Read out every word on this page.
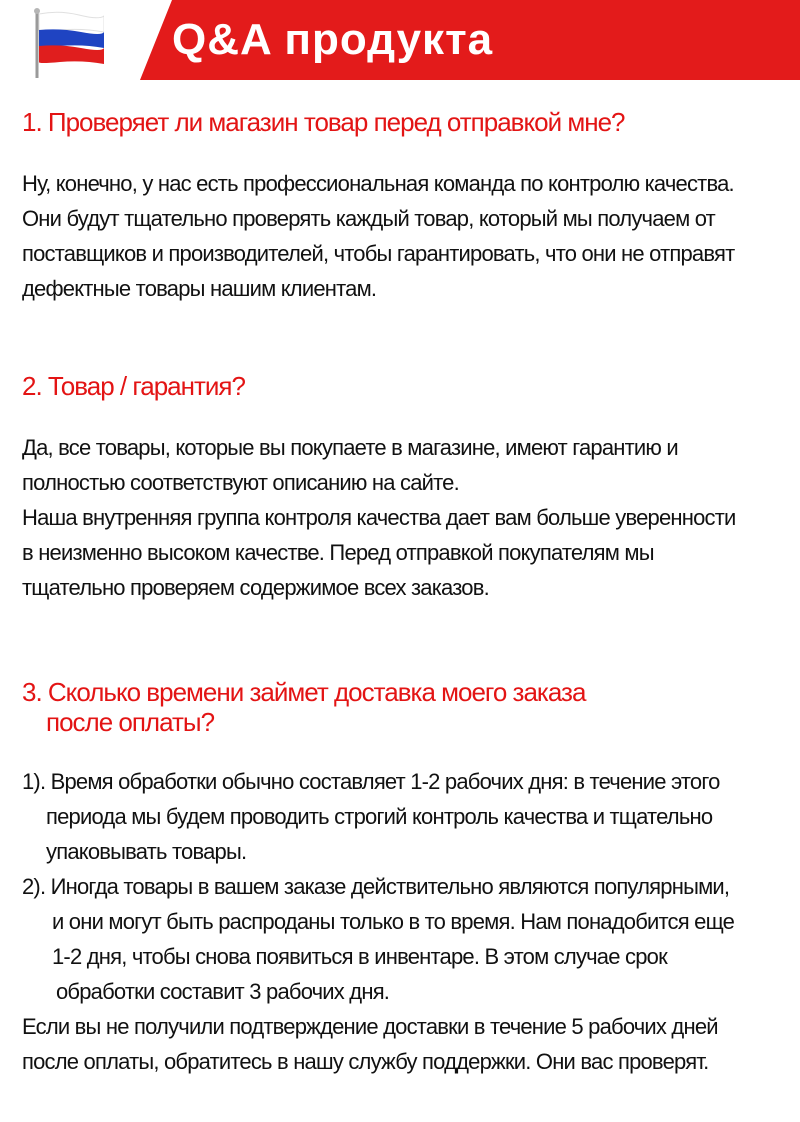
Q&A продукта
1. Проверяет ли магазин товар перед отправкой мне?
Ну, конечно, у нас есть профессиональная команда по контролю качества.
Они будут тщательно проверять каждый товар, который мы получаем от
поставщиков и производителей, чтобы гарантировать, что они не отправят
дефектные товары нашим клиентам.
2. Товар / гарантия?
Да, все товары, которые вы покупаете в магазине, имеют гарантию и
полностью соответствуют описанию на сайте.
Наша внутренняя группа контроля качества дает вам больше уверенности
в неизменно высоком качестве. Перед отправкой покупателям мы
тщательно проверяем содержимое всех заказов.
3. Сколько времени займет доставка моего заказа
после оплаты?
1). Время обработки обычно составляет 1-2 рабочих дня: в течение этого
периода мы будем проводить строгий контроль качества и тщательно
упаковывать товары.
2). Иногда товары в вашем заказе действительно являются популярными,
и они могут быть распроданы только в то время. Нам понадобится еще
1-2 дня, чтобы снова появиться в инвентаре. В этом случае срок
обработки составит 3 рабочих дня.
Если вы не получили подтверждение доставки в течение 5 рабочих дней
после оплаты, обратитесь в нашу службу поддержки. Они вас проверят.
